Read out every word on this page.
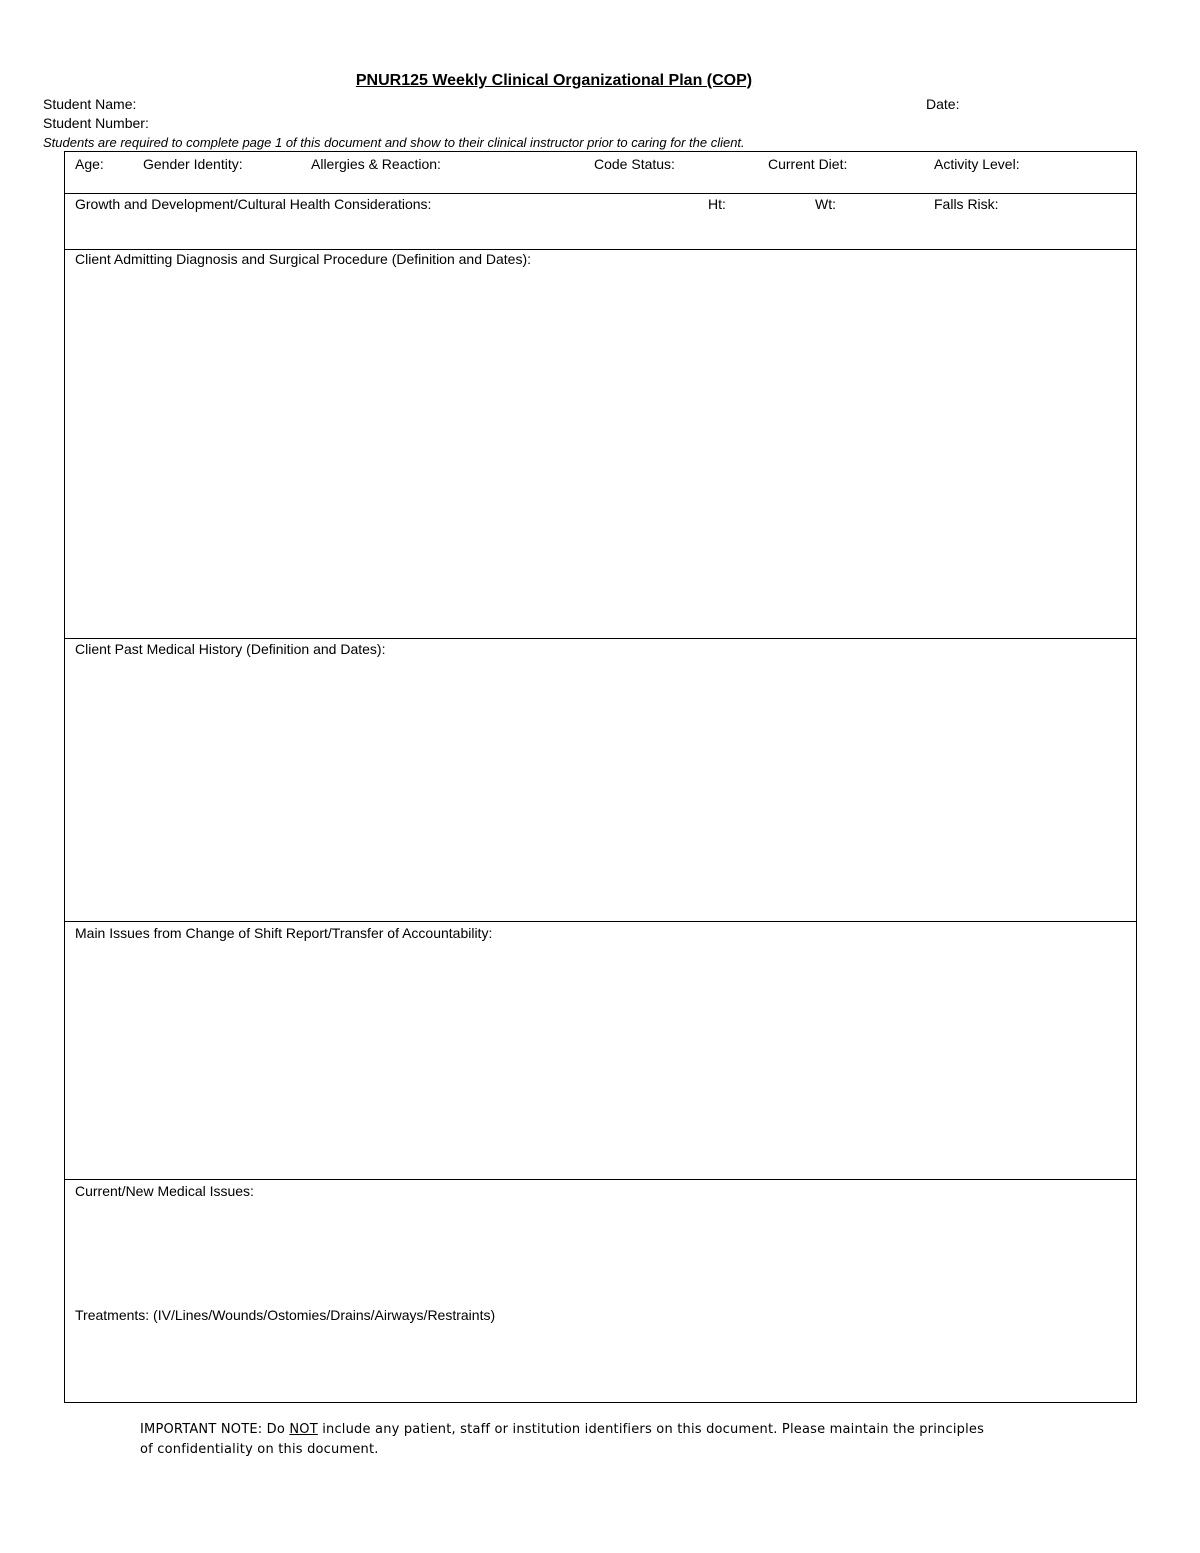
PNUR125 Weekly Clinical Organizational Plan (COP)
Student Name:	Date:
Student Number:
Students are required to complete page 1 of this document and show to their clinical instructor prior to caring for the client.
Age:	Gender Identity:	Allergies & Reaction:	Code Status:	Current Diet:	Activity Level:
Growth and Development/Cultural Health Considerations:	Ht:	Wt:	Falls Risk:
Client Admitting Diagnosis and Surgical Procedure (Definition and Dates):
Client Past Medical History (Definition and Dates):
Main Issues from Change of Shift Report/Transfer of Accountability:
Current/New Medical Issues:
Treatments: (IV/Lines/Wounds/Ostomies/Drains/Airways/Restraints)
IMPORTANT NOTE: Do NOT include any patient, staff or institution identifiers on this document. Please maintain the principles of confidentiality on this document.
